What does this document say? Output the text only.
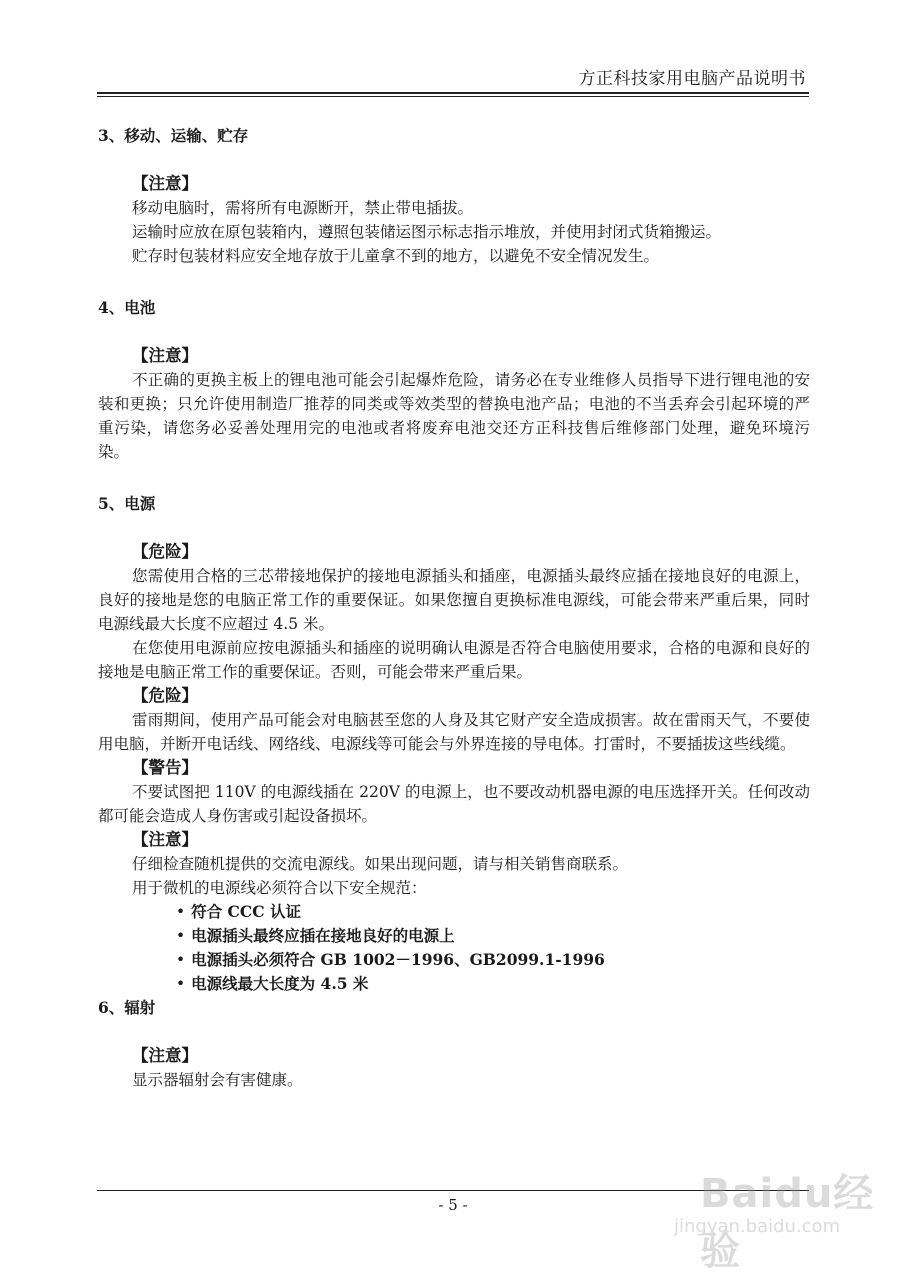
方正科技家用电脑产品说明书
3、移动、运输、贮存
【注意】
移动电脑时，需将所有电源断开，禁止带电插拔。
运输时应放在原包装箱内，遵照包装储运图示标志指示堆放，并使用封闭式货箱搬运。
贮存时包装材料应安全地存放于儿童拿不到的地方，以避免不安全情况发生。
4、电池
【注意】
不正确的更换主板上的锂电池可能会引起爆炸危险，请务必在专业维修人员指导下进行锂电池的安装和更换；只允许使用制造厂推荐的同类或等效类型的替换电池产品；电池的不当丢弃会引起环境的严重污染，请您务必妥善处理用完的电池或者将废弃电池交还方正科技售后维修部门处理，避免环境污染。
5、电源
【危险】
您需使用合格的三芯带接地保护的接地电源插头和插座，电源插头最终应插在接地良好的电源上，良好的接地是您的电脑正常工作的重要保证。如果您擅自更换标准电源线，可能会带来严重后果，同时电源线最大长度不应超过 4.5 米。
在您使用电源前应按电源插头和插座的说明确认电源是否符合电脑使用要求，合格的电源和良好的接地是电脑正常工作的重要保证。否则，可能会带来严重后果。
【危险】
雷雨期间，使用产品可能会对电脑甚至您的人身及其它财产安全造成损害。故在雷雨天气，不要使用电脑，并断开电话线、网络线、电源线等可能会与外界连接的导电体。打雷时，不要插拔这些线缆。
【警告】
不要试图把 110V 的电源线插在 220V 的电源上，也不要改动机器电源的电压选择开关。任何改动都可能会造成人身伤害或引起设备损坏。
【注意】
仔细检查随机提供的交流电源线。如果出现问题，请与相关销售商联系。
用于微机的电源线必须符合以下安全规范：
• 符合 CCC 认证
• 电源插头最终应插在接地良好的电源上
• 电源插头必须符合 GB 1002－1996、GB2099.1-1996
• 电源线最大长度为 4.5 米
6、辐射
【注意】
显示器辐射会有害健康。
- 5 -	Baidu经验
jingyan.baidu.com
